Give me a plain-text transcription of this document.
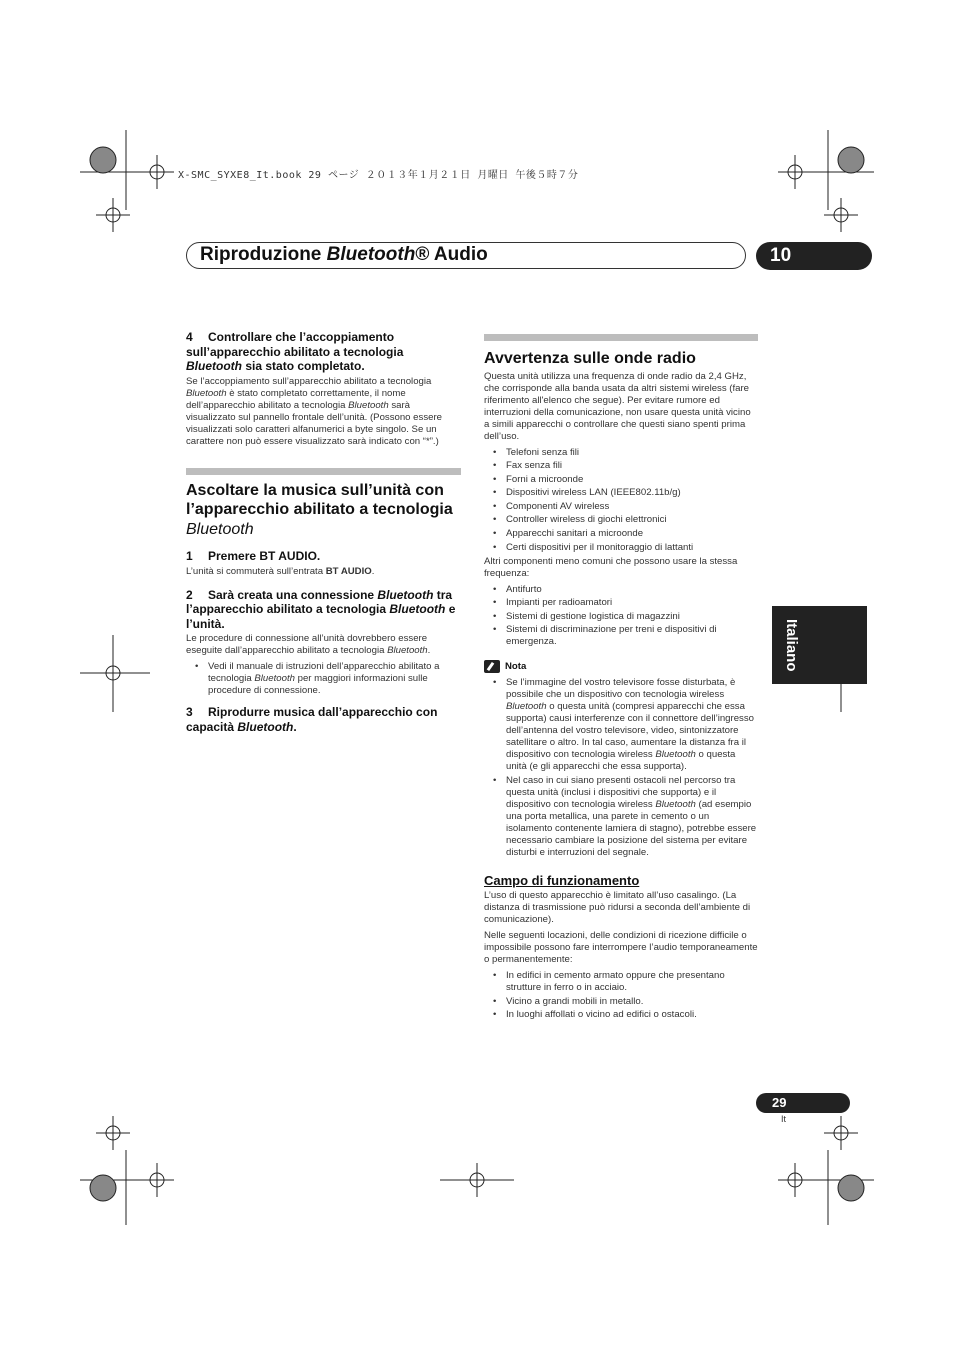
X-SMC_SYXE8_It.book 29 ページ ２０１３年１月２１日 月曜日 午後５時７分
Riproduzione Bluetooth® Audio	10

4 Controllare che l’accoppiamento sull’apparecchio abilitato a tecnologia Bluetooth sia stato completato.

Se l’accoppiamento sull’apparecchio abilitato a tecnologia Bluetooth è stato completato correttamente, il nome dell’apparecchio abilitato a tecnologia Bluetooth sarà visualizzato sul pannello frontale dell’unità. (Possono essere visualizzati solo caratteri alfanumerici a byte singolo. Se un carattere non può essere visualizzato sarà indicato con “*”.)

Ascoltare la musica sull’unità con l’apparecchio abilitato a tecnologia Bluetooth

1 Premere BT AUDIO.

L’unità si commuterà sull’entrata BT AUDIO.

2 Sarà creata una connessione Bluetooth tra l’apparecchio abilitato a tecnologia Bluetooth e l’unità.

Le procedure di connessione all’unità dovrebbero essere eseguite dall’apparecchio abilitato a tecnologia Bluetooth.

• Vedi il manuale di istruzioni dell’apparecchio abilitato a tecnologia Bluetooth per maggiori informazioni sulle procedure di connessione.

3 Riprodurre musica dall’apparecchio con capacità Bluetooth.

Avvertenza sulle onde radio

Questa unità utilizza una frequenza di onde radio da 2,4 GHz, che corrisponde alla banda usata da altri sistemi wireless (fare riferimento all'elenco che segue). Per evitare rumore ed interruzioni della comunicazione, non usare questa unità vicino a simili apparecchi o controllare che questi siano spenti prima dell’uso.

• Telefoni senza fili
• Fax senza fili
• Forni a microonde
• Dispositivi wireless LAN (IEEE802.11b/g)
• Componenti AV wireless
• Controller wireless di giochi elettronici
• Apparecchi sanitari a microonde
• Certi dispositivi per il monitoraggio di lattanti

Altri componenti meno comuni che possono usare la stessa frequenza:

• Antifurto
• Impianti per radioamatori
• Sistemi di gestione logistica di magazzini
• Sistemi di discriminazione per treni e dispositivi di emergenza.
Nota
• Se l’immagine del vostro televisore fosse disturbata, è possibile che un dispositivo con tecnologia wireless Bluetooth o questa unità (compresi apparecchi che essa supporta) causi interferenze con il connettore dell’ingresso dell’antenna del vostro televisore, video, sintonizzatore satellitare o altro. In tal caso, aumentare la distanza fra il dispositivo con tecnologia wireless Bluetooth o questa unità (e gli apparecchi che essa supporta).
• Nel caso in cui siano presenti ostacoli nel percorso tra questa unità (inclusi i dispositivi che supporta) e il dispositivo con tecnologia wireless Bluetooth (ad esempio una porta metallica, una parete in cemento o un isolamento contenente lamiera di stagno), potrebbe essere necessario cambiare la posizione del sistema per evitare disturbi e interruzioni del segnale.

Campo di funzionamento

L’uso di questo apparecchio è limitato all’uso casalingo. (La distanza di trasmissione può ridursi a seconda dell’ambiente di comunicazione).

Nelle seguenti locazioni, delle condizioni di ricezione difficile o impossibile possono fare interrompere l’audio temporaneamente o permanentemente:

• In edifici in cemento armato oppure che presentano strutture in ferro o in acciaio.
• Vicino a grandi mobili in metallo.
• In luoghi affollati o vicino ad edifici o ostacoli.
Italiano
29
It
